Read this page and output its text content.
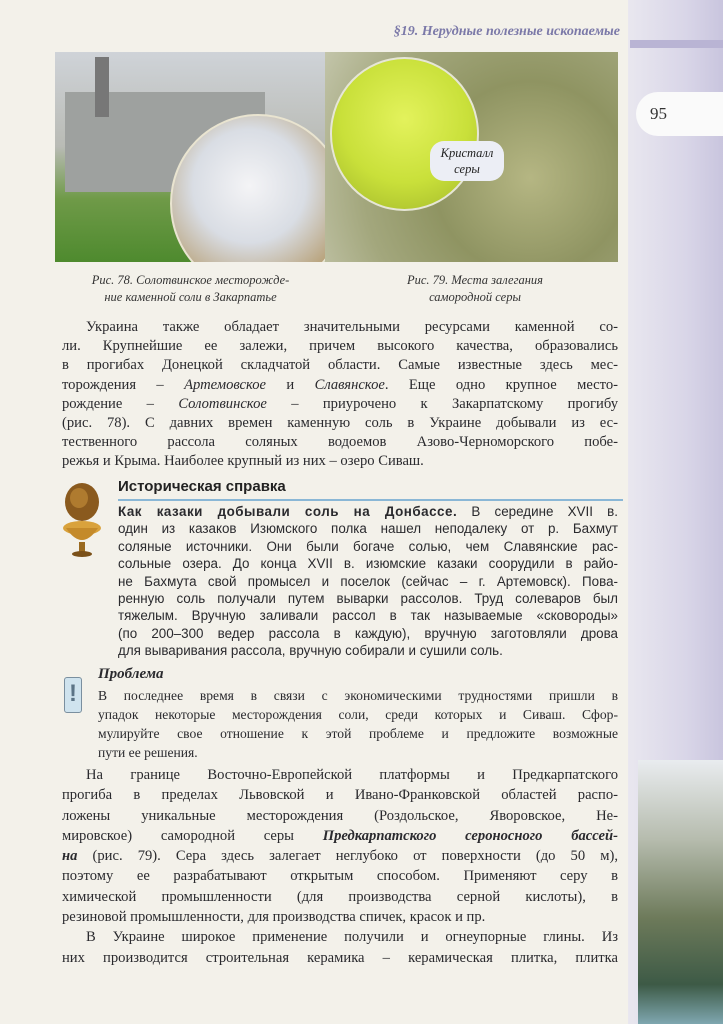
95
§19. Нерудные полезные ископаемые
Кристалл
серы
Рис. 78. Солотвинское месторожде-
ние каменной соли в Закарпатье
Рис. 79. Места залегания
самородной серы
Украина также обладает значительными ресурсами каменной со-
ли. Крупнейшие ее залежи, причем высокого качества, образовались
в прогибах Донецкой складчатой области. Самые известные здесь мес-
торождения – Артемовское и Славянское. Еще одно крупное место-
рождение – Солотвинское – приурочено к Закарпатскому прогибу
(рис. 78). С давних времен каменную соль в Украине добывали из ес-
тественного рассола соляных водоемов Азово-Черноморского побе-
режья и Крыма. Наиболее крупный из них – озеро Сиваш.
Историческая справка
Как казаки добывали соль на Донбассе. В середине XVII в.
один из казаков Изюмского полка нашел неподалеку от р. Бахмут
соляные источники. Они были богаче солью, чем Славянские рас-
сольные озера. До конца XVII в. изюмские казаки соорудили в райо-
не Бахмута свой промысел и поселок (сейчас – г. Артемовск). Пова-
ренную соль получали путем выварки рассолов. Труд солеваров был
тяжелым. Вручную заливали рассол в так называемые «сковороды»
(по 200–300 ведер рассола в каждую), вручную заготовляли дрова
для вываривания рассола, вручную собирали и сушили соль.
!
Проблема
В последнее время в связи с экономическими трудностями пришли в
упадок некоторые месторождения соли, среди которых и Сиваш. Сфор-
мулируйте свое отношение к этой проблеме и предложите возможные
пути ее решения.
На границе Восточно-Европейской платформы и Предкарпатского
прогиба в пределах Львовской и Ивано-Франковской областей распо-
ложены уникальные месторождения (Роздольское, Яворовское, Не-
мировское) самородной серы Предкарпатского сероносного бассей-
на (рис. 79). Сера здесь залегает неглубоко от поверхности (до 50 м),
поэтому ее разрабатывают открытым способом. Применяют серу в
химической промышленности (для производства серной кислоты), в
резиновой промышленности, для производства спичек, красок и пр.
В Украине широкое применение получили и огнеупорные глины. Из
них производится строительная керамика – керамическая плитка, плитка
